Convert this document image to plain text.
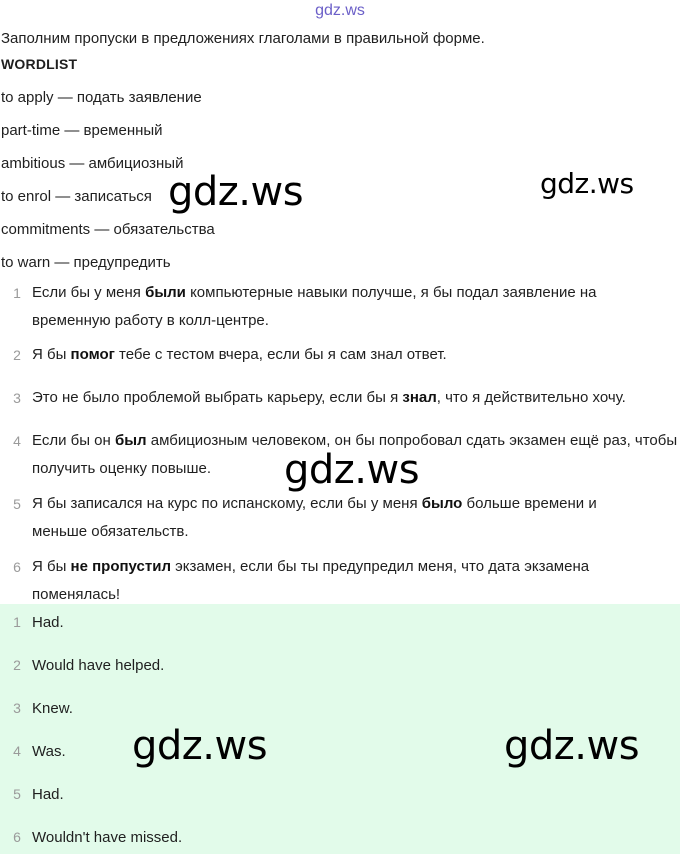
gdz.ws
Заполним пропуски в предложениях глаголами в правильной форме.
WORDLIST
to apply — подать заявление
part-time — временный
ambitious — амбициозный
to enrol — записаться
commitments — обязательства
to warn — предупредить
1 Если бы у меня были компьютерные навыки получше, я бы подал заявление на временную работу в колл-центре.
2 Я бы помог тебе с тестом вчера, если бы я сам знал ответ.
3 Это не было проблемой выбрать карьеру, если бы я знал, что я действительно хочу.
4 Если бы он был амбициозным человеком, он бы попробовал сдать экзамен ещё раз, чтобы получить оценку повыше.
5 Я бы записался на курс по испанскому, если бы у меня было больше времени и меньше обязательств.
6 Я бы не пропустил экзамен, если бы ты предупредил меня, что дата экзамена поменялась!
1 Had.
2 Would have helped.
3 Knew.
4 Was.
5 Had.
6 Wouldn't have missed.
gdz.ws	gdz.ws
gdz.ws
gdz.ws	gdz.ws
